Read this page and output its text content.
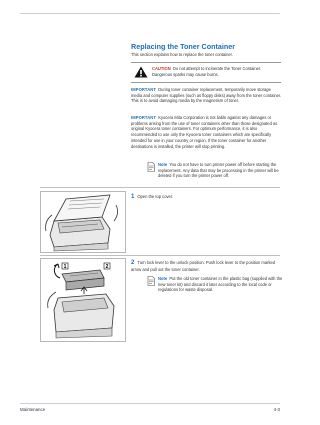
Replacing the Toner Container
This section explains how to replace the toner container.
CAUTION Do not attempt to incinerate the Toner Container. Dangerous sparks may cause burns.
IMPORTANT During toner container replacement, temporarily move storage media and computer supplies (such as floppy disks) away from the toner container. This is to avoid damaging media by the magnetism of toner.
IMPORTANT Kyocera Mita Corporation is not liable against any damages or problems arising from the use of toner containers other than those designated as original Kyocera toner containers. For optimum performance, it is also recommended to use only the Kyocera toner containers which are specifically intended for use in your country or region. If the toner container for another destinations is installed, the printer will stop printing.
Note You do not have to turn printer power off before starting the replacement. Any data that may be processing in the printer will be deleted if you turn the printer power off.
1 Open the top cover.
1	2
2 Turn lock lever to the unlock position. Push lock lever to the position marked arrow and pull out the toner container.
Note Put the old toner container in the plastic bag (supplied with the new toner kit) and discard it later according to the local code or regulations for waste disposal.
Maintenance	4-3
